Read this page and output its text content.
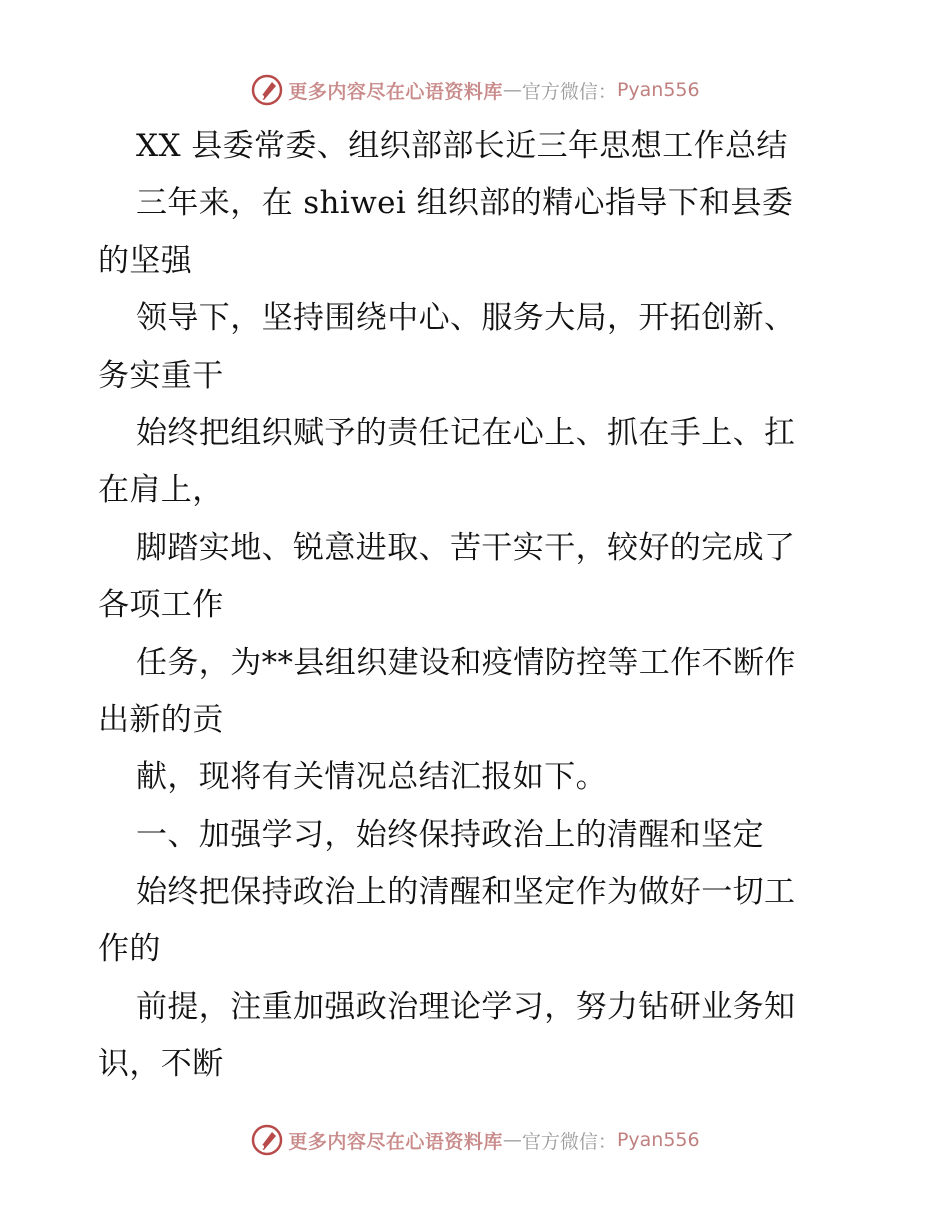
更多内容尽在心语资料库 — 官方微信： Pyan556
XX 县委常委、组织部部长近三年思想工作总结
三年来，在 shiwei 组织部的精心指导下和县委
的坚强
领导下，坚持围绕中心、服务大局，开拓创新、
务实重干
始终把组织赋予的责任记在心上、抓在手上、扛
在肩上，
脚踏实地、锐意进取、苦干实干，较好的完成了
各项工作
任务，为**县组织建设和疫情防控等工作不断作
出新的贡
献，现将有关情况总结汇报如下。
一、加强学习，始终保持政治上的清醒和坚定
始终把保持政治上的清醒和坚定作为做好一切工
作的
前提，注重加强政治理论学习，努力钻研业务知
识，不断
更多内容尽在心语资料库 — 官方微信： Pyan556
